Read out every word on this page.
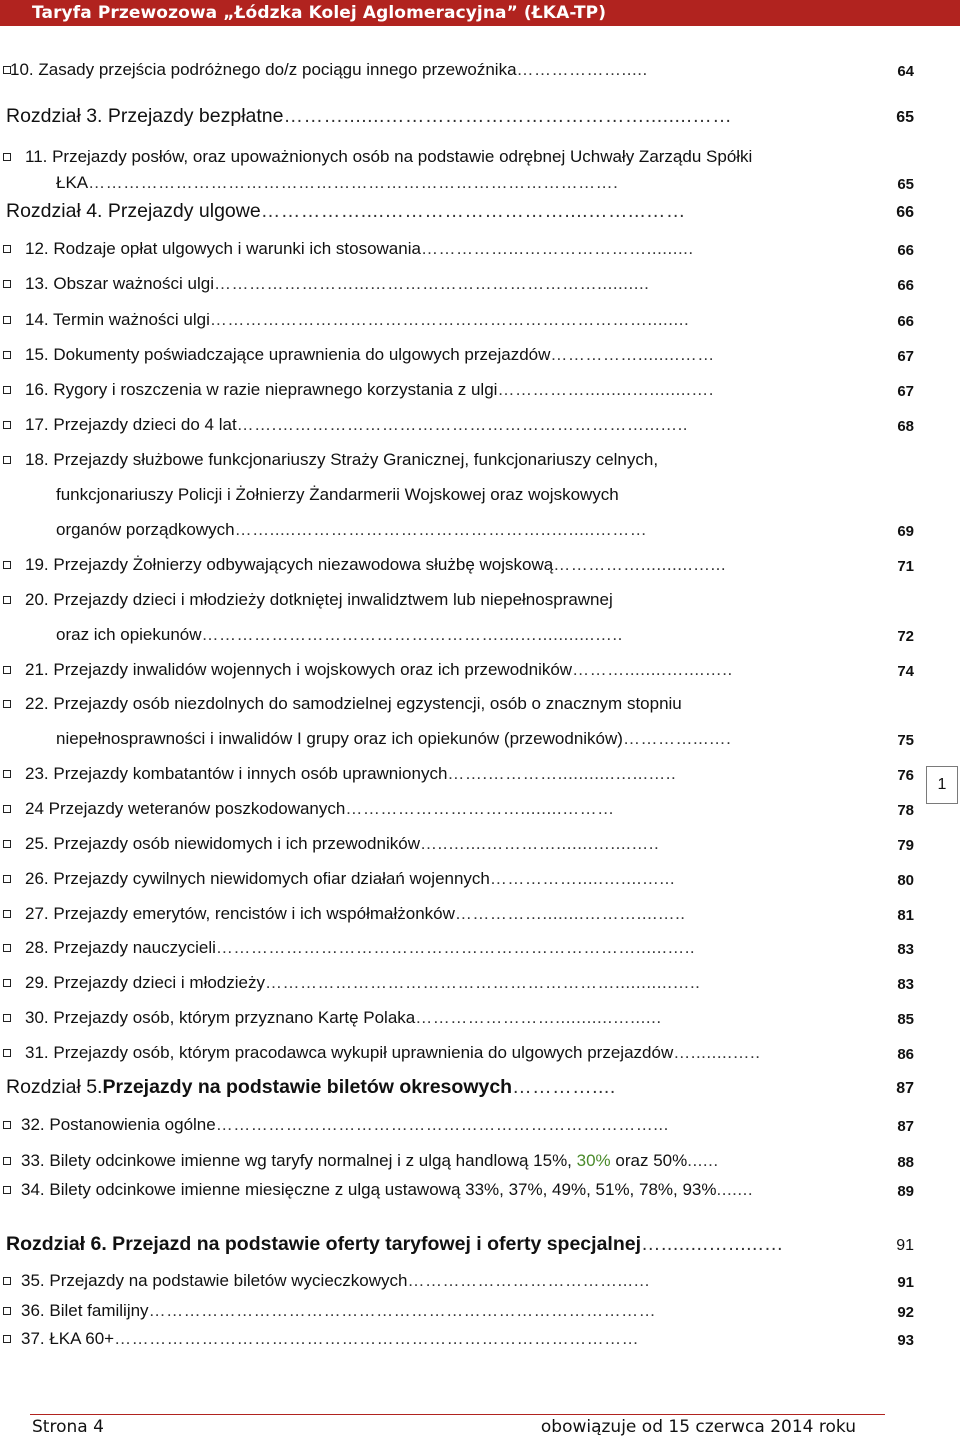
Taryfa Przewozowa „Łódzka Kolej Aglomeracyjna” (ŁKA-TP)
10. Zasady przejścia podróżnego do/z pociągu innego przewoźnika……………….....	64
Rozdział 3. Przejazdy bezpłatne……….......…………………………………........……	65
11. Przejazdy posłów, oraz upoważnionych osób na podstawie odrębnej Uchwały Zarządu Spółki
ŁKA……………………………………………………………………………….	65
Rozdział 4. Przejazdy ulgowe……………....………………………....……...……	66
12. Rodzaje opłat ulgowych i warunki ich stosowania……………...………………….........	66
13. Obszar ważności ulgi……………………...…………………………………..........	66
14. Termin ważności ulgi…………………………………………………………………........	66
15. Dokumenty poświadczające uprawnienia do ulgowych przejazdów……………........……	67
16. Rygory i roszczenia w razie nieprawnego korzystania z ulgi…………….........…........….	67
17. Przejazdy dzieci do 4 lat…….………………………………………………………...…..	68
18. Przejazdy służbowe funkcjonariuszy Straży Granicznej, funkcjonariuszy celnych,
funkcjonariuszy Policji i Żołnierzy Żandarmerii Wojskowej oraz wojskowych
organów porządkowych…….....……………………………………..….....………	69
19. Przejazdy Żołnierzy odbywających niezawodowa służbę wojskową……………..........…...	71
20. Przejazdy dzieci i młodzieży dotkniętej inwalidztwem lub niepełnosprawnej
oraz ich opiekunów……………………………………………....…...........…..	72
21. Przejazdy inwalidów wojennych i wojskowych oraz ich przewodników………........…....…..	74
22. Przejazdy osób niezdolnych do samodzielnej egzystencji, osób o znacznym stopniu
niepełnosprawności i inwalidów I grupy oraz ich opiekunów (przewodników)…………...….	75
23. Przejazdy kombatantów i innych osób uprawnionych…….…………...........…...…..	76
24 Przejazdy weteranów poszkodowanych…………………………........………	78
25. Przejazdy osób niewidomych i ich przewodników…..…....………….......…....…..	79
26. Przejazdy cywilnych niewidomych ofiar działań wojennych…………….....…....…...	80
27. Przejazdy emerytów, rencistów i ich współmałżonków……………........………....…..	81
28. Przejazdy nauczycieli………………………………………………………………......…..	83
29. Przejazdy dzieci i młodzieży……………………………………………………...........…..	83
30. Przejazdy osób, którym przyznano Kartę Polaka……………………...........…......	85
31. Przejazdy osób, którym pracodawca wykupił uprawnienia do ulgowych przejazdów…........…..	86
Rozdział 5.Przejazdy na podstawie biletów okresowych…………....	87
32. Postanowienia ogólne…………………………………………………………………...	87
33. Bilety odcinkowe imienne wg taryfy normalnej i z ulgą handlową 15%, 30% oraz 50%......	88
34. Bilety odcinkowe imienne miesięczne z ulgą ustawową 33%, 37%, 49%, 51%, 78%, 93%.......	89
Rozdział 6. Przejazd na podstawie oferty taryfowej i oferty specjalnej…........…......…	91
35. Przejazdy na podstawie biletów wycieczkowych………………………………...…	91
36. Bilet familijny……………………………………………………………………………	92
37. ŁKA 60+………………………………………………………………………………	93
1
Strona 4	obowiązuje od 15 czerwca 2014 roku
